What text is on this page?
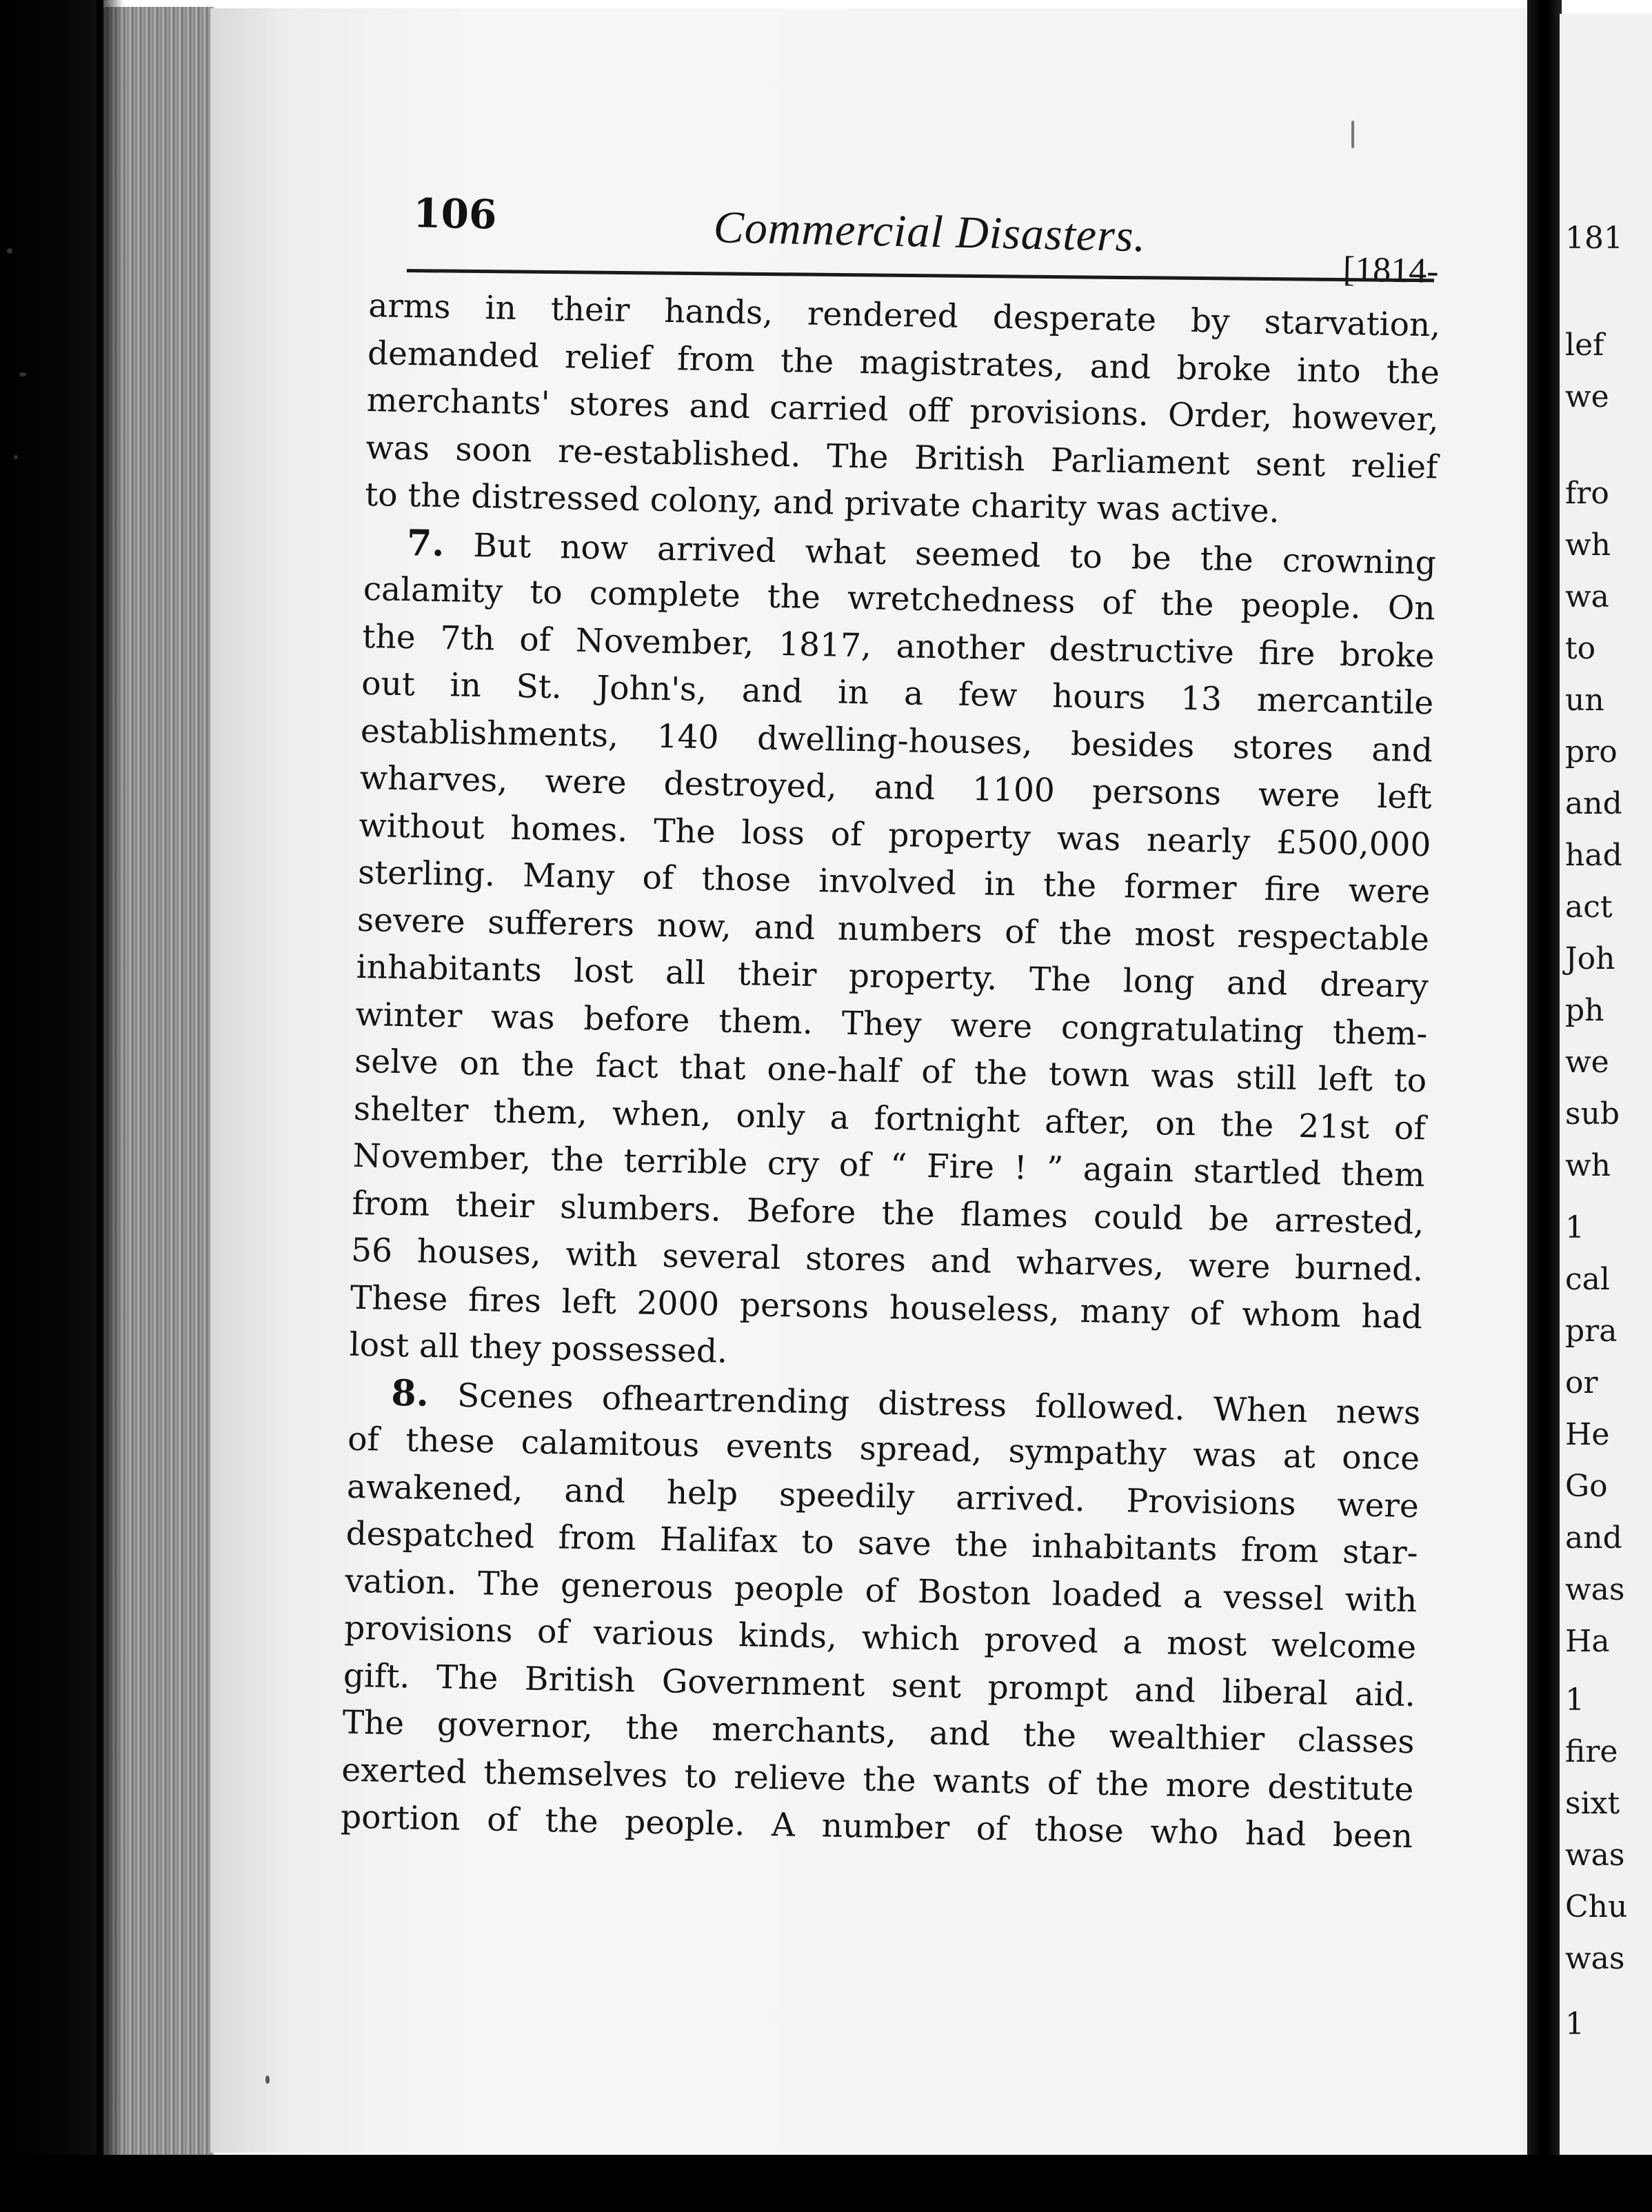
106	Commercial Disasters.
[1814-
arms in their hands, rendered desperate by starvation,
demanded relief from the magistrates, and broke into the
merchants' stores and carried off provisions. Order, however,
was soon re-established. The British Parliament sent relief
to the distressed colony, and private charity was active.
7. But now arrived what seemed to be the crowning
calamity to complete the wretchedness of the people. On
the 7th of November, 1817, another destructive fire broke
out in St. John's, and in a few hours 13 mercantile
establishments, 140 dwelling-houses, besides stores and
wharves, were destroyed, and 1100 persons were left
without homes. The loss of property was nearly £500,000
sterling. Many of those involved in the former fire were
severe sufferers now, and numbers of the most respectable
inhabitants lost all their property. The long and dreary
winter was before them. They were congratulating them-
selve on the fact that one-half of the town was still left to
shelter them, when, only a fortnight after, on the 21st of
November, the terrible cry of “ Fire ! ” again startled them
from their slumbers. Before the flames could be arrested,
56 houses, with several stores and wharves, were burned.
These fires left 2000 persons houseless, many of whom had
lost all they possessed.
8. Scenes ofheartrending distress followed. When news
of these calamitous events spread, sympathy was at once
awakened, and help speedily arrived. Provisions were
despatched from Halifax to save the inhabitants from star-
vation. The generous people of Boston loaded a vessel with
provisions of various kinds, which proved a most welcome
gift. The British Government sent prompt and liberal aid.
The governor, the merchants, and the wealthier classes
exerted themselves to relieve the wants of the more destitute
portion of the people. A number of those who had been
181
lef
we
fro
wh
wa
to
un
pro
and
had
act
Joh
ph
we
sub
wh
1
cal
pra
or
He
Go
and
was
Ha
1
fire
sixt
was
Chu
was
1
